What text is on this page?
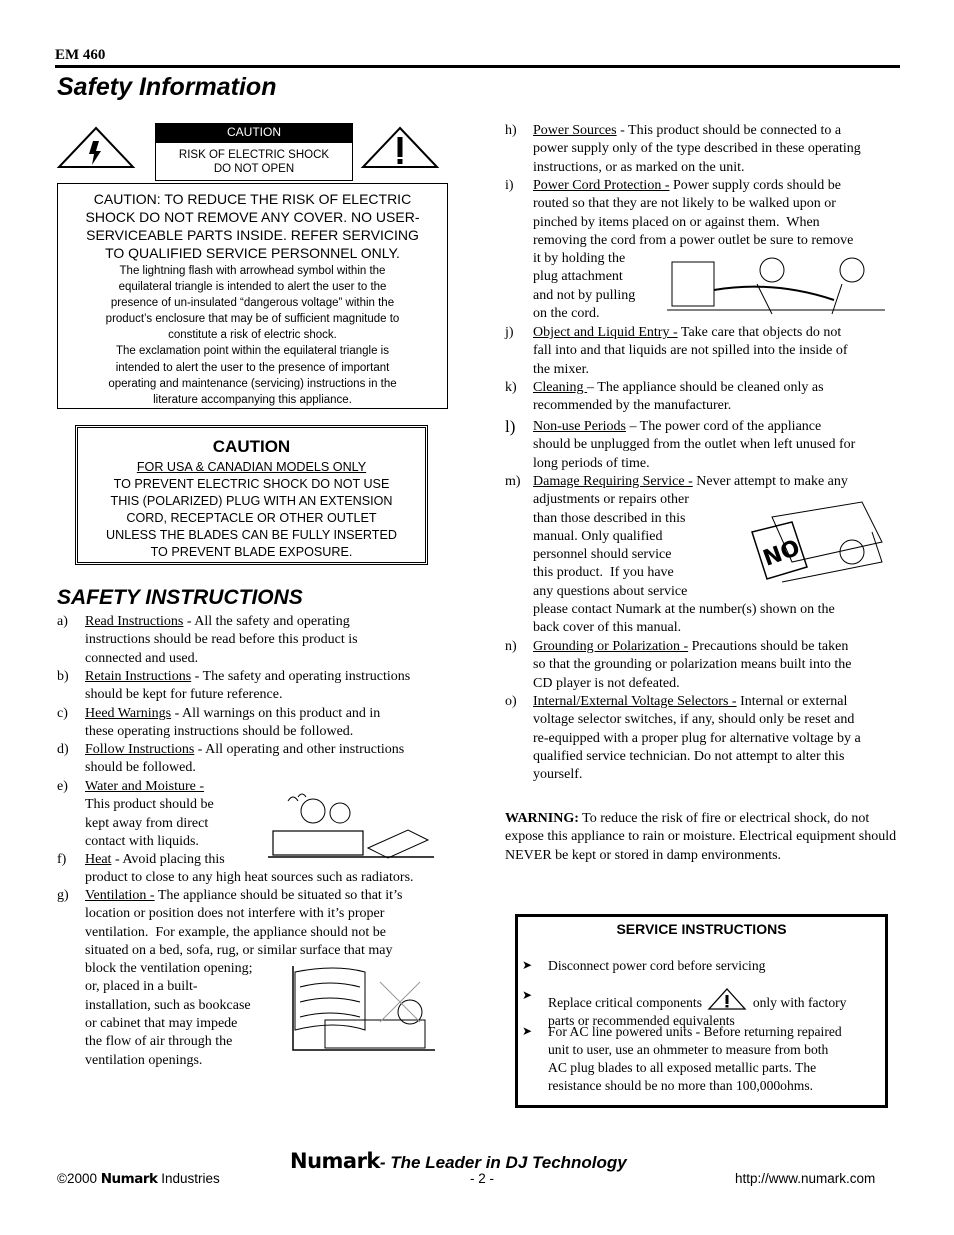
EM 460
Safety Information
CAUTION
RISK OF ELECTRIC SHOCK
DO NOT OPEN
CAUTION: TO REDUCE THE RISK OF ELECTRIC
SHOCK DO NOT REMOVE ANY COVER. NO USER-
SERVICEABLE PARTS INSIDE. REFER SERVICING
TO QUALIFIED SERVICE PERSONNEL ONLY.
The lightning flash with arrowhead symbol within the
equilateral triangle is intended to alert the user to the
presence of un-insulated “dangerous voltage” within the
product’s enclosure that may be of sufficient magnitude to
constitute a risk of electric shock.
The exclamation point within the equilateral triangle is
intended to alert the user to the presence of important
operating and maintenance (servicing) instructions in the
literature accompanying this appliance.
CAUTION
FOR USA & CANADIAN MODELS ONLY
TO PREVENT ELECTRIC SHOCK DO NOT USE
THIS (POLARIZED) PLUG WITH AN EXTENSION
CORD, RECEPTACLE OR OTHER OUTLET
UNLESS THE BLADES CAN BE FULLY INSERTED
TO PREVENT BLADE EXPOSURE.
SAFETY INSTRUCTIONS
a) Read Instructions - All the safety and operating
instructions should be read before this product is
connected and used.
b) Retain Instructions - The safety and operating instructions
should be kept for future reference.
c) Heed Warnings - All warnings on this product and in
these operating instructions should be followed.
d) Follow Instructions - All operating and other instructions
should be followed.
e) Water and Moisture -
This product should be
kept away from direct
contact with liquids.
f) Heat - Avoid placing this
product to close to any high heat sources such as radiators.
g) Ventilation - The appliance should be situated so that it’s
location or position does not interfere with it’s proper
ventilation.  For example, the appliance should not be
situated on a bed, sofa, rug, or similar surface that may
block the ventilation opening;
or, placed in a built-
installation, such as bookcase
or cabinet that may impede
the flow of air through the
ventilation openings.
h) Power Sources - This product should be connected to a
power supply only of the type described in these operating
instructions, or as marked on the unit.
i) Power Cord Protection - Power supply cords should be
routed so that they are not likely to be walked upon or
pinched by items placed on or against them.  When
removing the cord from a power outlet be sure to remove
it by holding the
plug attachment
and not by pulling
on the cord.
j) Object and Liquid Entry - Take care that objects do not
fall into and that liquids are not spilled into the inside of
the mixer.
k) Cleaning – The appliance should be cleaned only as
recommended by the manufacturer.
l) Non-use Periods – The power cord of the appliance
should be unplugged from the outlet when left unused for
long periods of time.
m) Damage Requiring Service - Never attempt to make any
adjustments or repairs other
than those described in this
manual. Only qualified
personnel should service
this product.  If you have
any questions about service
please contact Numark at the number(s) shown on the
back cover of this manual.
n) Grounding or Polarization - Precautions should be taken
so that the grounding or polarization means built into the
CD player is not defeated.
o) Internal/External Voltage Selectors - Internal or external
voltage selector switches, if any, should only be reset and
re-equipped with a proper plug for alternative voltage by a
qualified service technician. Do not attempt to alter this
yourself.
NO
WARNING: To reduce the risk of fire or electrical shock, do not expose this appliance to rain or moisture. Electrical equipment should NEVER be kept or stored in damp environments.
SERVICE INSTRUCTIONS
➤ Disconnect power cord before servicing
➤ Replace critical components	only with factory
parts or recommended equivalents
➤ For AC line powered units - Before returning repaired
unit to user, use an ohmmeter to measure from both
AC plug blades to all exposed metallic parts. The
resistance should be no more than 100,000ohms.
Numark- The Leader in DJ Technology
©2000 Numark Industries	- 2 -	http://www.numark.com
